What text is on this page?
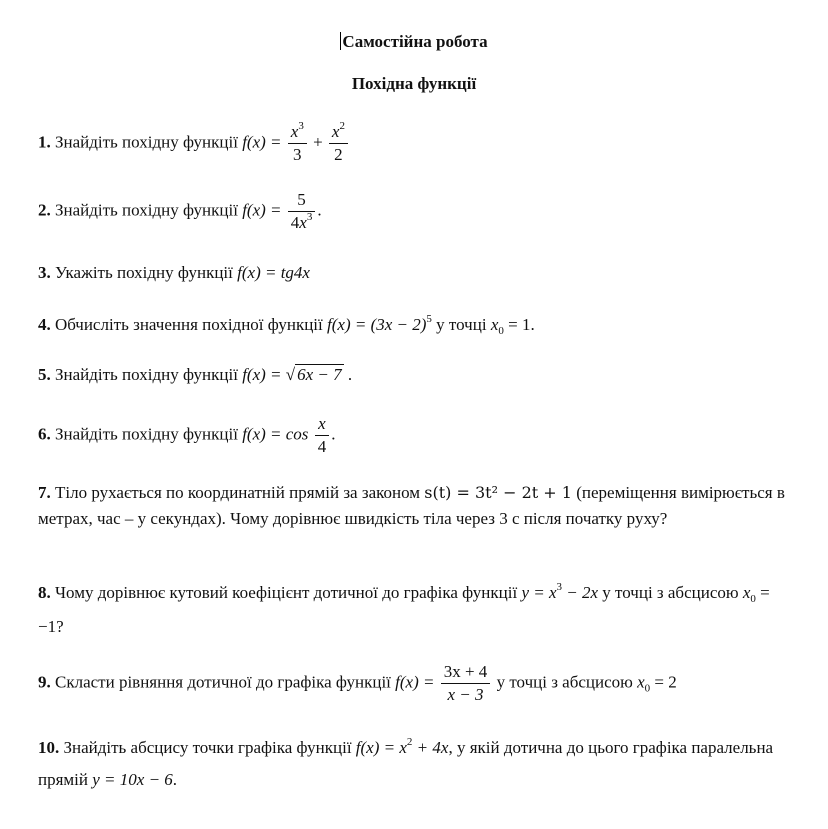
Самостійна робота
Похідна функції
1. Знайдіть похідну функції $f(x) = \frac{x^3}{3} + \frac{x^2}{2}$
2. Знайдіть похідну функції $f(x) = \frac{5}{4x^3}$ .
3. Укажіть похідну функції f(x) = tg4x
4. Обчисліть значення похідної функції $f(x) = (3x - 2)^5$ у точці $x_0 = 1$.
5. Знайдіть похідну функції f(x) = √ 6x − 7 .
6. Знайдіть похідну функції $f(x) = \cos \frac{x}{4}$ .
7. Тіло рухається по координатній прямій за законом s(t) = 3t² − 2t + 1 (переміщення вимірюється в метрах, час – у секундах). Чому дорівнює швидкість тіла через 3 с після початку руху?
8. Чому дорівнює кутовий коефіцієнт дотичної до графіка функції $y = x^3 - 2x$ у точці з абсцисою $x_0 = -1$?
9. Скласти рівняння дотичної до графіка функції $f(x) = \frac{3x + 4}{x - 3}$ у точці з абсцисою $x_0 = 2$
10. Знайдіть абсцису точки графіка функції $f(x) = x^2 + 4x$, у якій дотична до цього графіка паралельна прямій y = 10x − 6.
